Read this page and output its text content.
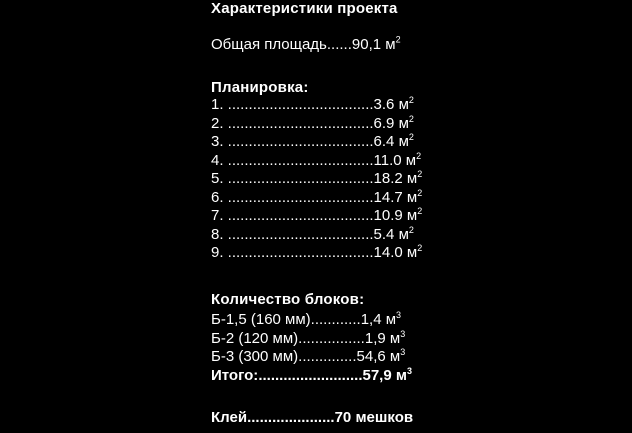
Характеристики проекта
Общая площадь......90,1 $м^2$
Планировка:
1. ...................................3.6 $м^2$
2. ...................................6.9 $м^2$
3. ...................................6.4 $м^2$
4. ...................................11.0 $м^2$
5. ...................................18.2 $м^2$
6. ...................................14.7 $м^2$
7. ...................................10.9 $м^2$
8. ...................................5.4 $м^2$
9. ...................................14.0 $м^2$
Количество блоков:
Б-1,5 (160 мм)............1,4 $м^3$
Б-2 (120 мм)................1,9 $м^3$
Б-3 (300 мм)..............54,6 $м^3$
Итого:.........................57,9 $м^3$
Клей.....................70 мешков
